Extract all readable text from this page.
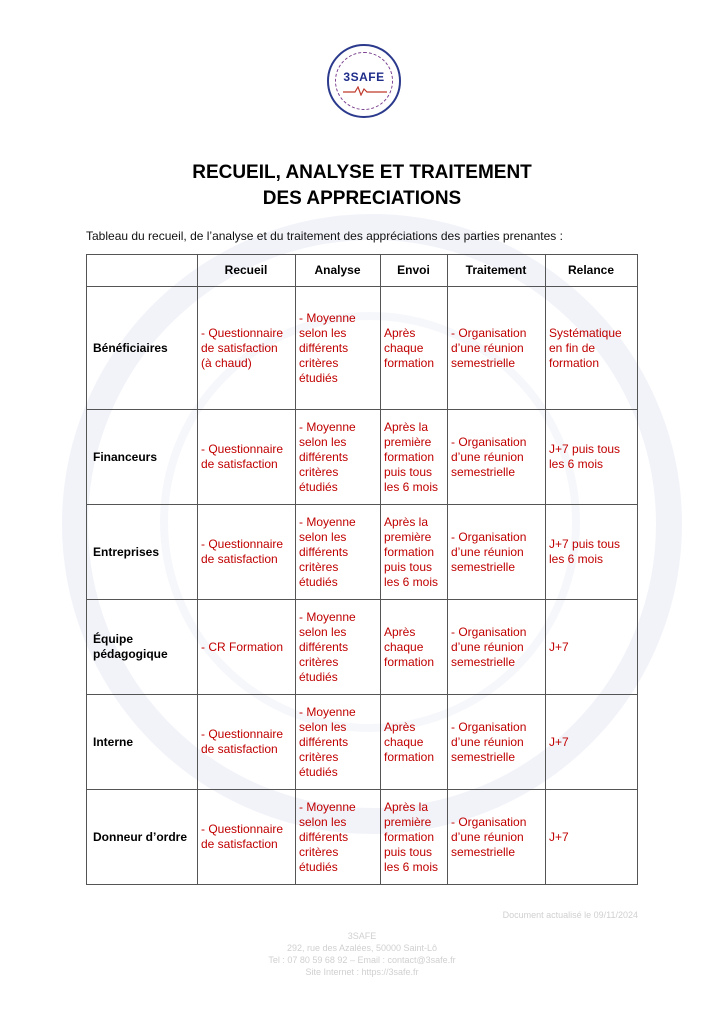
3SAFE
RECUEIL, ANALYSE ET TRAITEMENT
DES APPRECIATIONS
Tableau du recueil, de l’analyse et du traitement des appréciations des parties prenantes :
	Recueil	Analyse	Envoi	Traitement	Relance
Bénéficiaires	- Questionnaire de satisfaction (à chaud)	- Moyenne selon les différents critères étudiés	Après chaque formation	- Organisation d’une réunion semestrielle	Systématique en fin de formation
Financeurs	- Questionnaire de satisfaction	- Moyenne selon les différents critères étudiés	Après la première formation puis tous les 6 mois	- Organisation d’une réunion semestrielle	J+7 puis tous les 6 mois
Entreprises	- Questionnaire de satisfaction	- Moyenne selon les différents critères étudiés	Après la première formation puis tous les 6 mois	- Organisation d’une réunion semestrielle	J+7 puis tous les 6 mois
Équipe pédagogique	- CR Formation	- Moyenne selon les différents critères étudiés	Après chaque formation	- Organisation d’une réunion semestrielle	J+7
Interne	- Questionnaire de satisfaction	- Moyenne selon les différents critères étudiés	Après chaque formation	- Organisation d’une réunion semestrielle	J+7
Donneur d’ordre	- Questionnaire de satisfaction	- Moyenne selon les différents critères étudiés	Après la première formation puis tous les 6 mois	- Organisation d’une réunion semestrielle	J+7
Document actualisé le 09/11/2024
3SAFE
292, rue des Azalées, 50000 Saint-Lô
Tel : 07 80 59 68 92 – Email : contact@3safe.fr
Site Internet : https://3safe.fr
